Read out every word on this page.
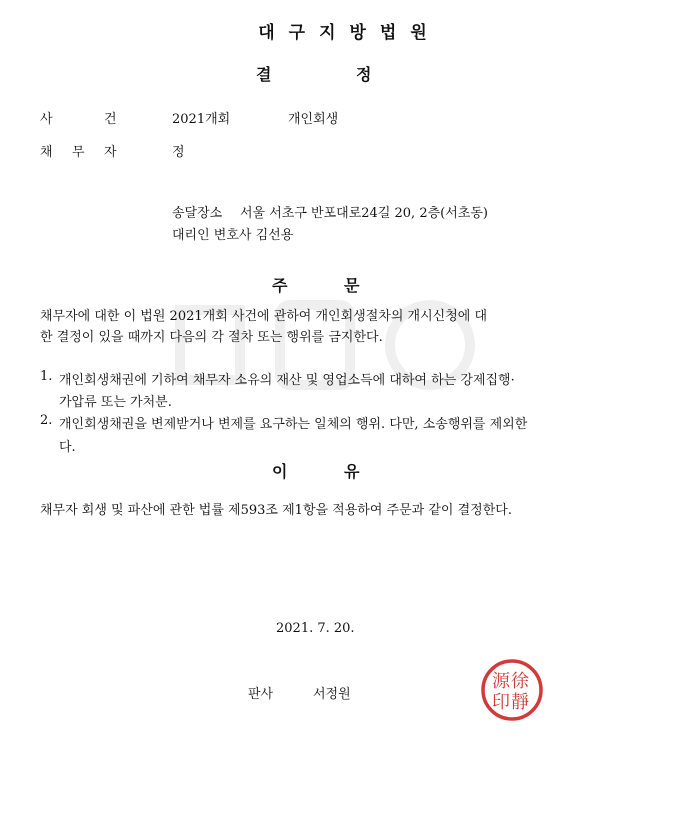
대구지방법원
결	정
사	건	2021개회	개인회생
채 무 자	정
송달장소 서울 서초구 반포대로24길 20, 2층(서초동)
대리인 변호사 김선용
주	문
채무자에 대한 이 법원 2021개회 사건에 관하여 개인회생절차의 개시신청에 대
한 결정이 있을 때까지 다음의 각 절차 또는 행위를 금지한다.
1. 개인회생채권에 기하여 채무자 소유의 재산 및 영업소득에 대하여 하는 강제집행·
가압류 또는 가처분.
2. 개인회생채권을 변제받거나 변제를 요구하는 일체의 행위. 다만, 소송행위를 제외한
다.
이	유
채무자 회생 및 파산에 관한 법률 제593조 제1항을 적용하여 주문과 같이 결정한다.
2021. 7. 20.
판사	서정원
徐
靜
源
印
